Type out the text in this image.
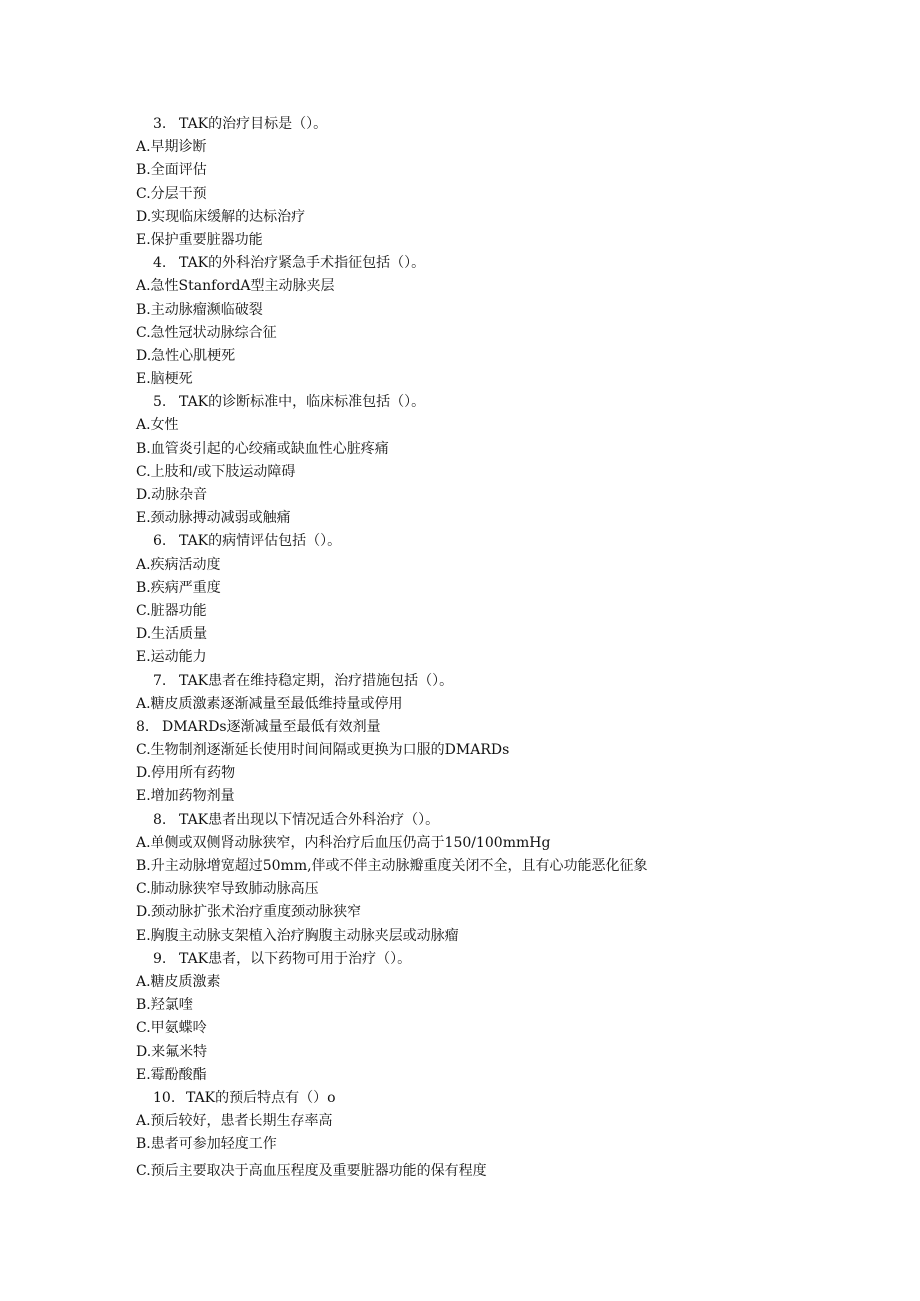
3. TAK的治疗目标是（）。
A.早期诊断
B.全面评估
C.分层干预
D.实现临床缓解的达标治疗
E.保护重要脏器功能
4. TAK的外科治疗紧急手术指征包括（）。
A.急性StanfordA型主动脉夹层
B.主动脉瘤濒临破裂
C.急性冠状动脉综合征
D.急性心肌梗死
E.脑梗死
5. TAK的诊断标准中，临床标准包括（）。
A.女性
B.血管炎引起的心绞痛或缺血性心脏疼痛
C.上肢和/或下肢运动障碍
D.动脉杂音
E.颈动脉搏动减弱或触痛
6. TAK的病情评估包括（）。
A.疾病活动度
B.疾病严重度
C.脏器功能
D.生活质量
E.运动能力
7. TAK患者在维持稳定期，治疗措施包括（）。
A.糖皮质激素逐渐减量至最低维持量或停用
8. DMARDs逐渐减量至最低有效剂量
C.生物制剂逐渐延长使用时间间隔或更换为口服的DMARDs
D.停用所有药物
E.增加药物剂量
8. TAK患者出现以下情况适合外科治疗（）。
A.单侧或双侧肾动脉狭窄，内科治疗后血压仍高于150/100mmHg
B.升主动脉增宽超过50mm,伴或不伴主动脉瓣重度关闭不全，且有心功能恶化征象
C.肺动脉狭窄导致肺动脉高压
D.颈动脉扩张术治疗重度颈动脉狭窄
E.胸腹主动脉支架植入治疗胸腹主动脉夹层或动脉瘤
9. TAK患者，以下药物可用于治疗（）。
A.糖皮质激素
B.羟氯喹
C.甲氨蝶呤
D.来氟米特
E.霉酚酸酯
10. TAK的预后特点有（）o
A.预后较好，患者长期生存率高
B.患者可参加轻度工作
C.预后主要取决于高血压程度及重要脏器功能的保有程度
